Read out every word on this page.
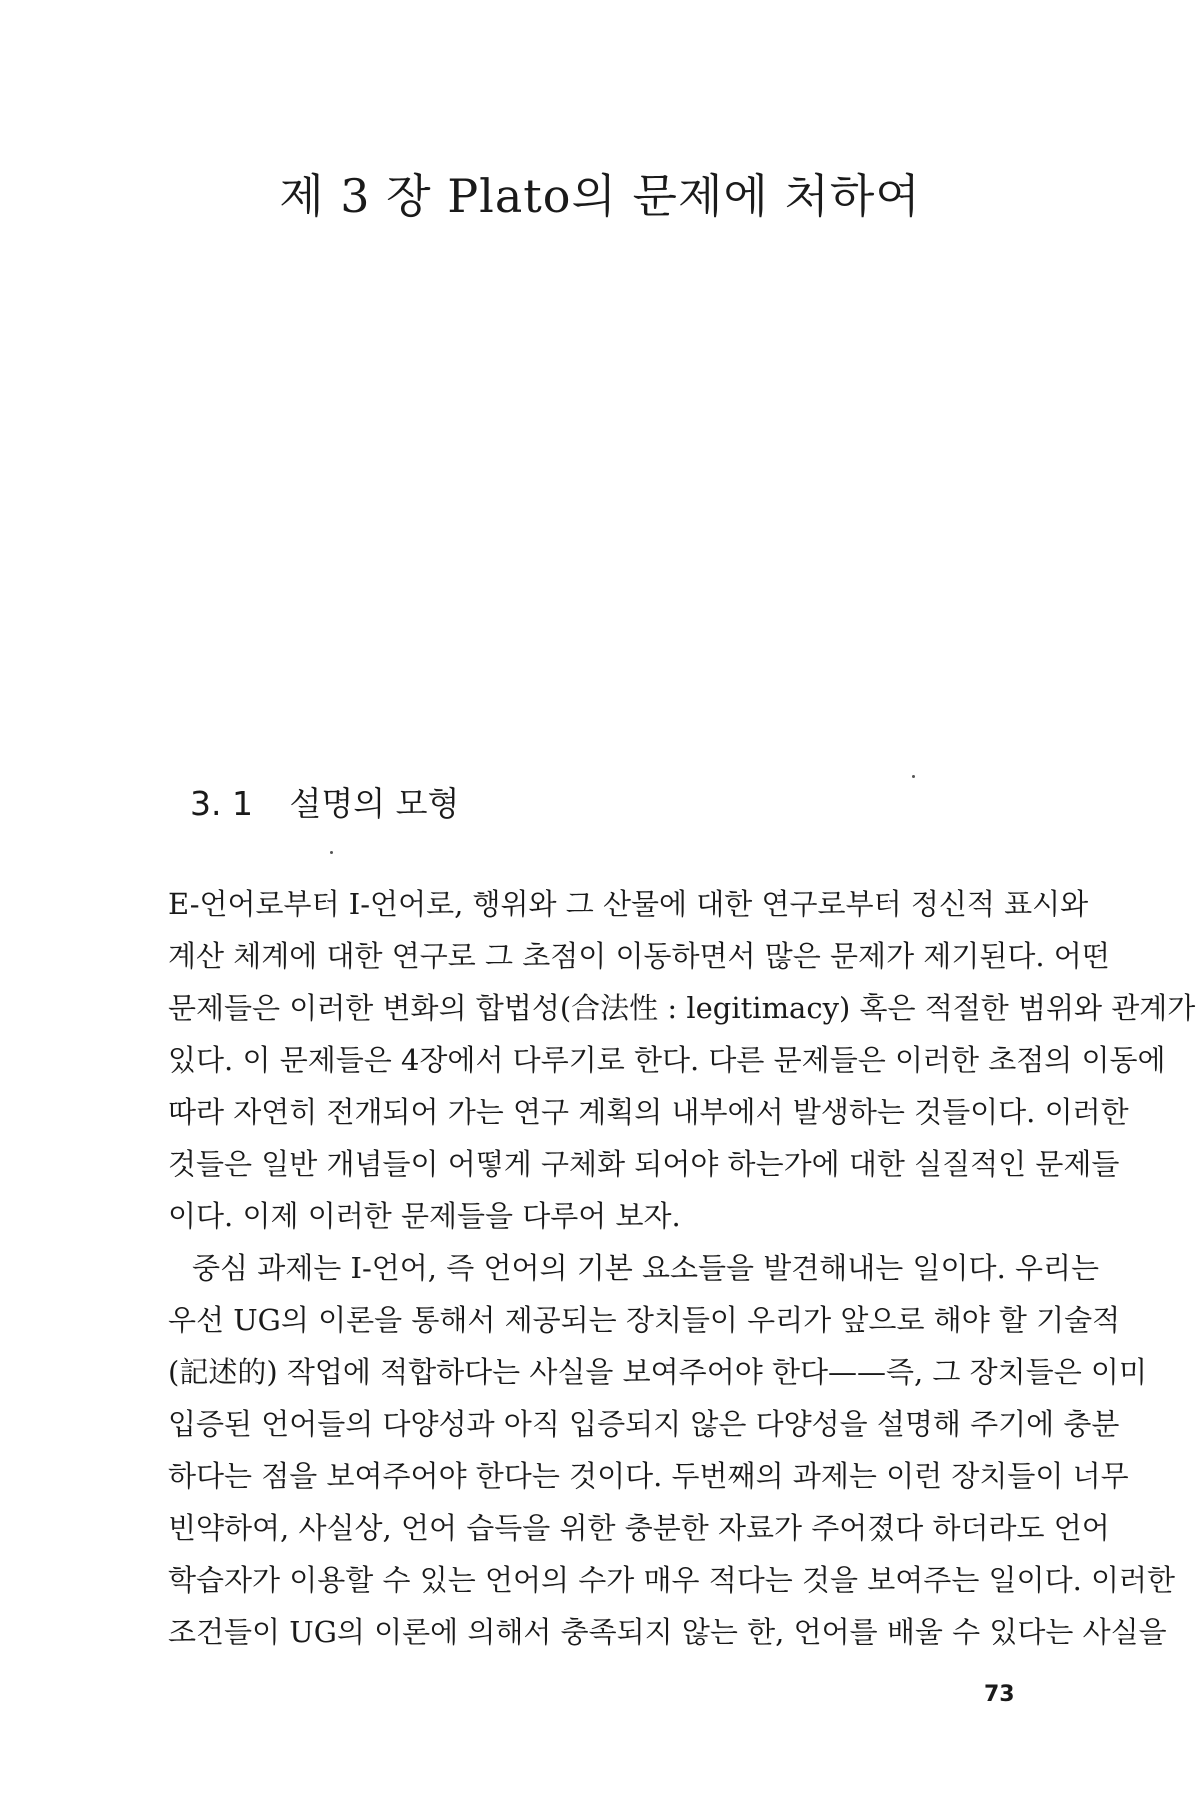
제 3 장 Plato의 문제에 처하여
3. 1 설명의 모형
E-언어로부터 I-언어로, 행위와 그 산물에 대한 연구로부터 정신적 표시와
계산 체계에 대한 연구로 그 초점이 이동하면서 많은 문제가 제기된다. 어떤
문제들은 이러한 변화의 합법성(合法性 : legitimacy) 혹은 적절한 범위와 관계가
있다. 이 문제들은 4장에서 다루기로 한다. 다른 문제들은 이러한 초점의 이동에
따라 자연히 전개되어 가는 연구 계획의 내부에서 발생하는 것들이다. 이러한
것들은 일반 개념들이 어떻게 구체화 되어야 하는가에 대한 실질적인 문제들
이다. 이제 이러한 문제들을 다루어 보자.
중심 과제는 I-언어, 즉 언어의 기본 요소들을 발견해내는 일이다. 우리는
우선 UG의 이론을 통해서 제공되는 장치들이 우리가 앞으로 해야 할 기술적
(記述的) 작업에 적합하다는 사실을 보여주어야 한다——즉, 그 장치들은 이미
입증된 언어들의 다양성과 아직 입증되지 않은 다양성을 설명해 주기에 충분
하다는 점을 보여주어야 한다는 것이다. 두번째의 과제는 이런 장치들이 너무
빈약하여, 사실상, 언어 습득을 위한 충분한 자료가 주어졌다 하더라도 언어
학습자가 이용할 수 있는 언어의 수가 매우 적다는 것을 보여주는 일이다. 이러한
조건들이 UG의 이론에 의해서 충족되지 않는 한, 언어를 배울 수 있다는 사실을
73
